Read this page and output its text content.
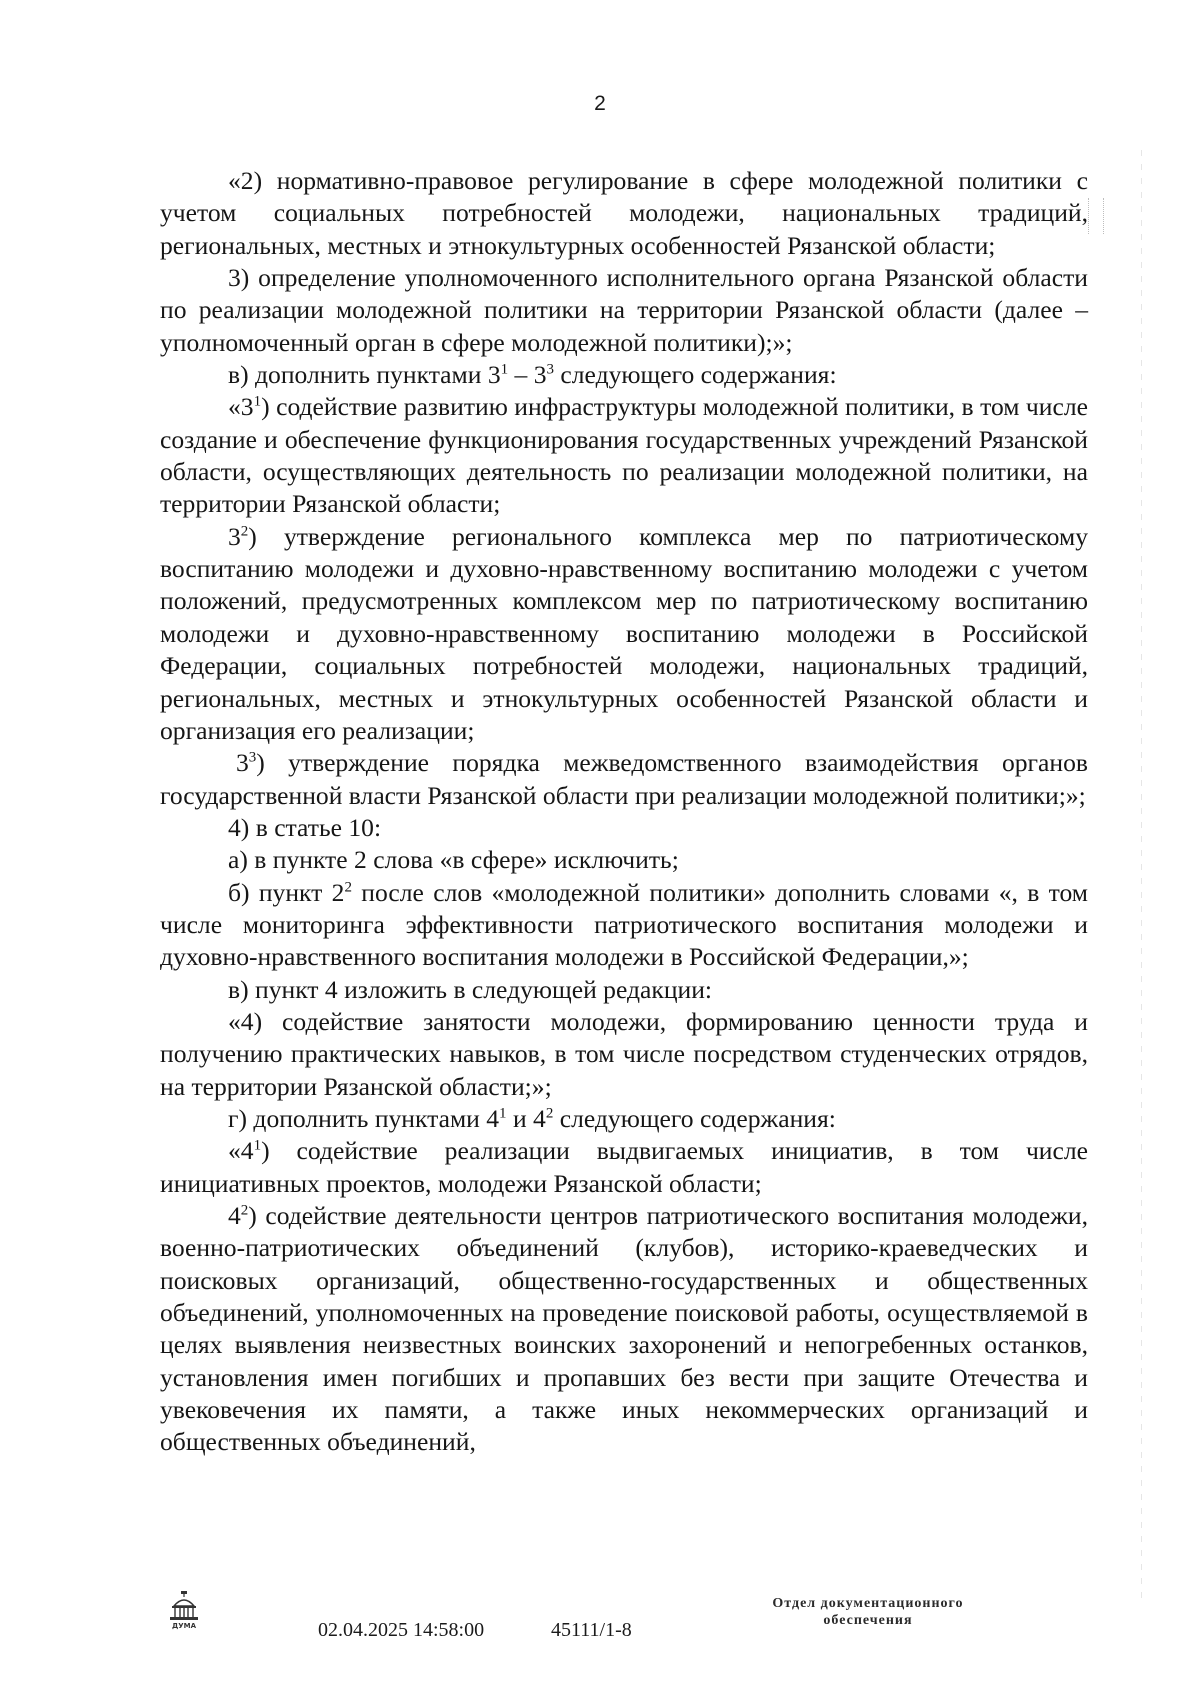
2

«2) нормативно-правовое регулирование в сфере молодежной политики с учетом социальных потребностей молодежи, национальных традиций, региональных, местных и этнокультурных особенностей Рязанской области;

3) определение уполномоченного исполнительного органа Рязанской области по реализации молодежной политики на территории Рязанской области (далее – уполномоченный орган в сфере молодежной политики);»;

в) дополнить пунктами $3^1 - 3^3$ следующего содержания:

«$3^1$) содействие развитию инфраструктуры молодежной политики, в том числе создание и обеспечение функционирования государственных учреждений Рязанской области, осуществляющих деятельность по реализации молодежной политики, на территории Рязанской области;

$3^2$) утверждение регионального комплекса мер по патриотическому воспитанию молодежи и духовно-нравственному воспитанию молодежи с учетом положений, предусмотренных комплексом мер по патриотическому воспитанию молодежи и духовно-нравственному воспитанию молодежи в Российской Федерации, социальных потребностей молодежи, национальных традиций, региональных, местных и этнокультурных особенностей Рязанской области и организация его реализации;

$3^3$) утверждение порядка межведомственного взаимодействия органов государственной власти Рязанской области при реализации молодежной политики;»;

4) в статье 10:

а) в пункте 2 слова «в сфере» исключить;

б) пункт $2^2$ после слов «молодежной политики» дополнить словами «, в том числе мониторинга эффективности патриотического воспитания молодежи и духовно-нравственного воспитания молодежи в Российской Федерации,»;

в) пункт 4 изложить в следующей редакции:

«4) содействие занятости молодежи, формированию ценности труда и получению практических навыков, в том числе посредством студенческих отрядов, на территории Рязанской области;»;

г) дополнить пунктами $4^1$ и $4^2$ следующего содержания:

«$4^1$) содействие реализации выдвигаемых инициатив, в том числе инициативных проектов, молодежи Рязанской области;

$4^2$) содействие деятельности центров патриотического воспитания молодежи, военно-патриотических объединений (клубов), историко-краеведческих и поисковых организаций, общественно-государственных и общественных объединений, уполномоченных на проведение поисковой работы, осуществляемой в целях выявления неизвестных воинских захоронений и непогребенных останков, установления имен погибших и пропавших без вести при защите Отечества и увековечения их памяти, а также иных некоммерческих организаций и общественных объединений,

ДУМА	02.04.2025 14:58:00	45111/1-8
Отдел документационного
обеспечения
